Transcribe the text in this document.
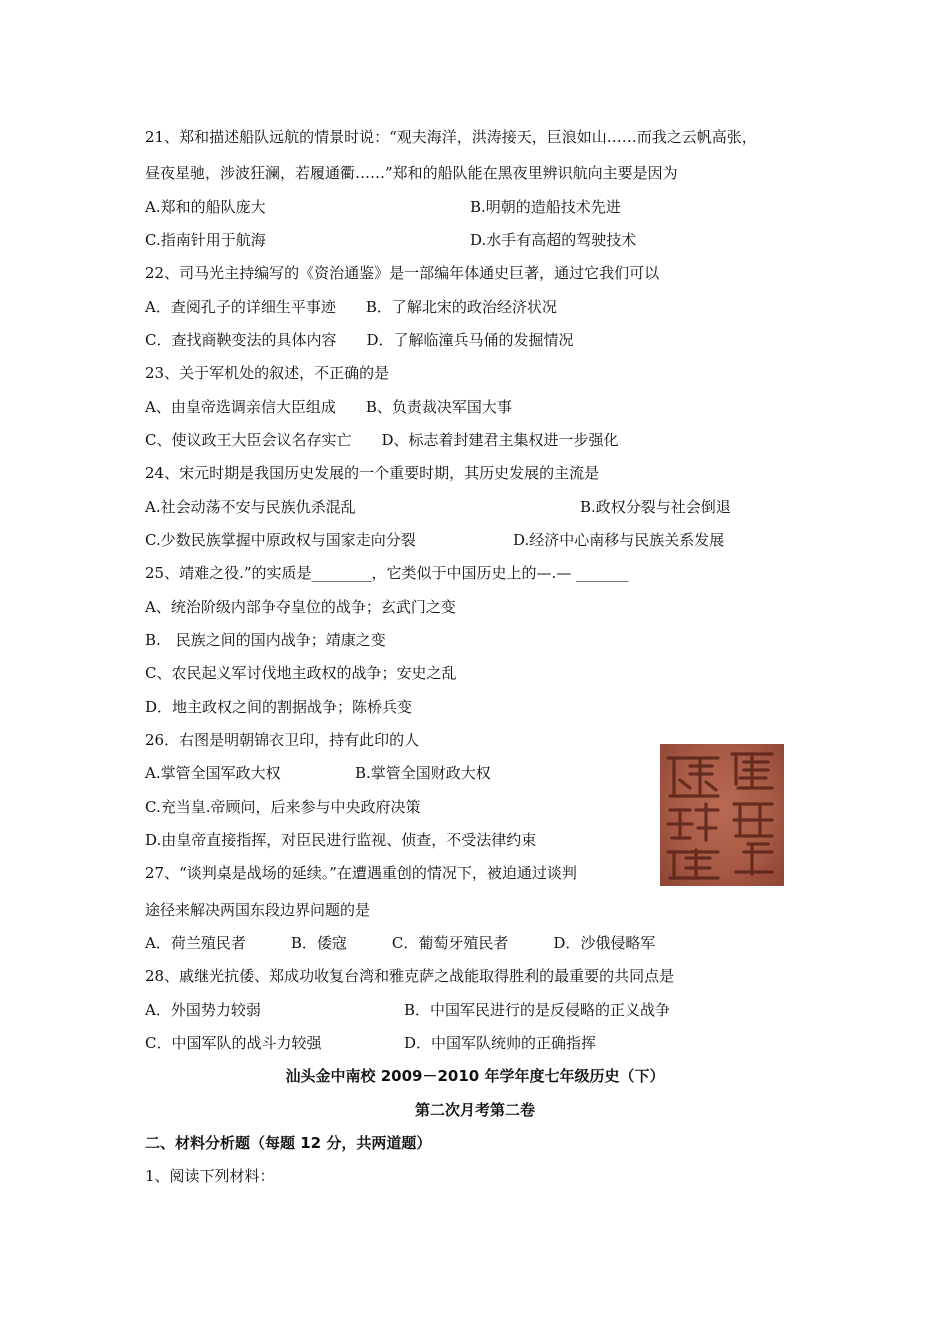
21、郑和描述船队远航的情景时说：“观夫海洋，洪涛接天，巨浪如山……而我之云帆高张，
昼夜星驰，涉波狂澜，若履通衢……”郑和的船队能在黑夜里辨识航向主要是因为
A.郑和的船队庞大	B.明朝的造船技术先进
C.指南针用于航海	D.水手有高超的驾驶技术
22、司马光主持编写的《资治通鉴》是一部编年体通史巨著，通过它我们可以
A．查阅孔子的详细生平事迹　　B．了解北宋的政治经济状况
C．查找商鞅变法的具体内容　　D．了解临潼兵马俑的发掘情况
23、关于军机处的叙述，不正确的是
A、由皇帝选调亲信大臣组成　　B、负责裁决军国大事
C、使议政王大臣会议名存实亡　　D、标志着封建君主集权进一步强化
24、宋元时期是我国历史发展的一个重要时期，其历史发展的主流是
A.社会动荡不安与民族仇杀混乱	B.政权分裂与社会倒退
C.少数民族掌握中原政权与国家走向分裂	D.经济中心南移与民族关系发展
25、靖难之役.”的实质是________，它类似于中国历史上的—.— _______
A、统治阶级内部争夺皇位的战争；玄武门之变
B.　民族之间的国内战争；靖康之变
C、农民起义军讨伐地主政权的战争；安史之乱
D．地主政权之间的割据战争；陈桥兵变
26．右图是明朝锦衣卫印，持有此印的人
A.掌管全国军政大权	B.掌管全国财政大权
C.充当皇.帝顾问，后来参与中央政府决策
D.由皇帝直接指挥，对臣民进行监视、侦查，不受法律约束
27、“谈判桌是战场的延续。”在遭遇重创的情况下，被迫通过谈判
途径来解决两国东段边界问题的是
A．荷兰殖民者　　　B．倭寇　　　C．葡萄牙殖民者　　　D．沙俄侵略军
28、戚继光抗倭、郑成功收复台湾和雅克萨之战能取得胜利的最重要的共同点是
A．外国势力较弱	B．中国军民进行的是反侵略的正义战争
C．中国军队的战斗力较强	D．中国军队统帅的正确指挥
汕头金中南校 2009－2010 年学年度七年级历史（下）
第二次月考第二卷
二、材料分析题（每题 12 分，共两道题）
1、阅读下列材料：
